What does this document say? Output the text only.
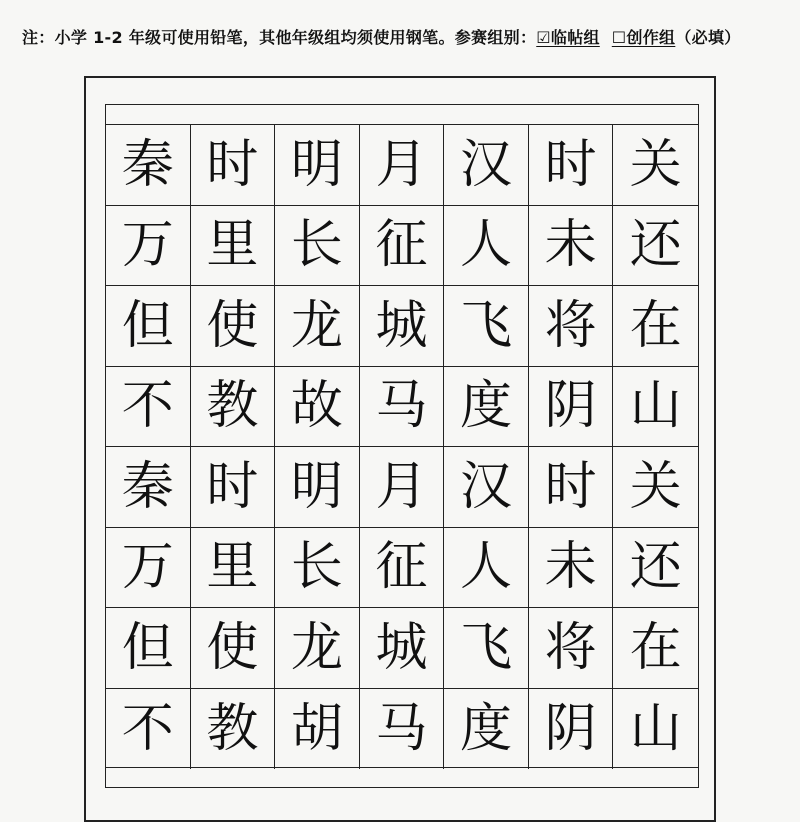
注：小学 1-2 年级可使用铅笔，其他年级组均须使用钢笔。参赛组别：☑临帖组 ☐创作组（必填）
秦 时 明 月 汉 时 关
万 里 长 征 人 未 还
但 使 龙 城 飞 将 在
不 教 故 马 度 阴 山
秦 时 明 月 汉 时 关
万 里 长 征 人 未 还
但 使 龙 城 飞 将 在
不 教 胡 马 度 阴 山
